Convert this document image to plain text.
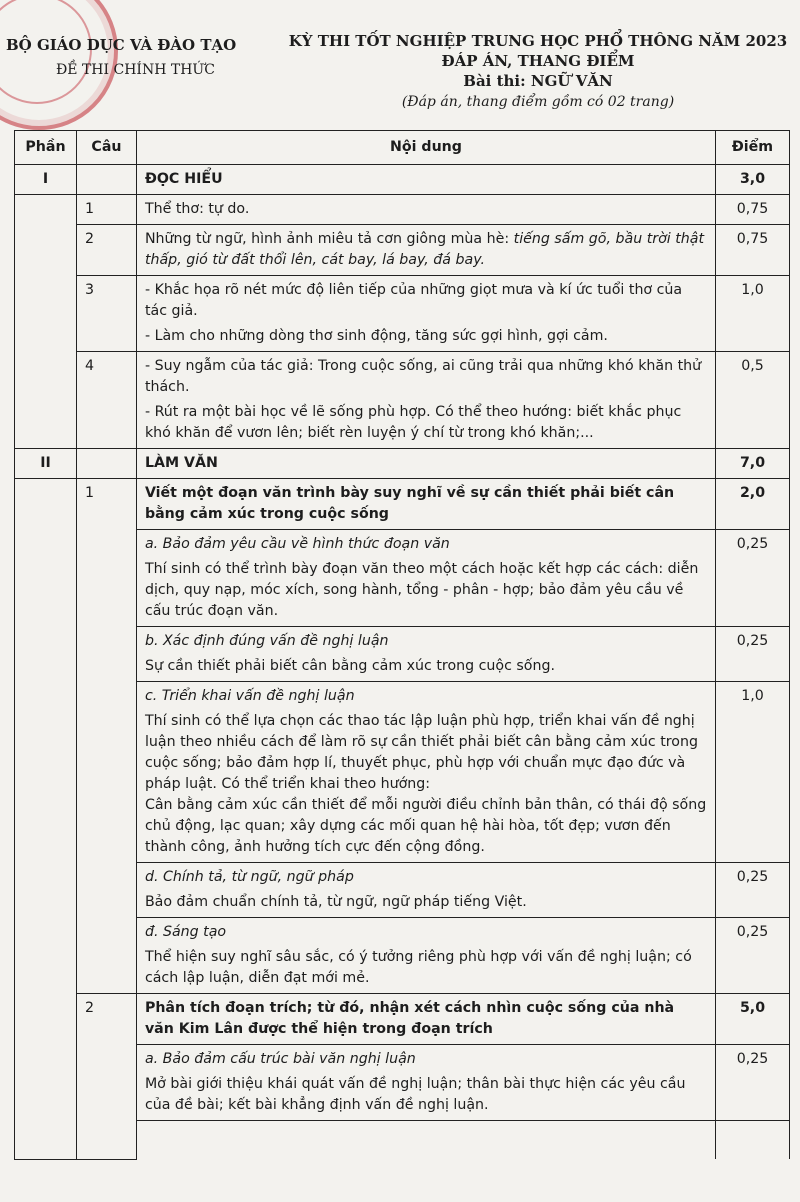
BỘ GIÁO DỤC VÀ ĐÀO TẠO
ĐỀ THI CHÍNH THỨC
KỲ THI TỐT NGHIỆP TRUNG HỌC PHỔ THÔNG NĂM 2023
ĐÁP ÁN, THANG ĐIỂM
Bài thi: NGỮ VĂN
(Đáp án, thang điểm gồm có 02 trang)
Phần	Câu	Nội dung	Điểm
I		ĐỌC HIỂU	3,0
	1	Thể thơ: tự do.	0,75
	2	Những từ ngữ, hình ảnh miêu tả cơn giông mùa hè: tiếng sấm gõ, bầu trời thật thấp, gió từ đất thổi lên, cát bay, lá bay, đá bay.	0,75
	3	- Khắc họa rõ nét mức độ liên tiếp của những giọt mưa và kí ức tuổi thơ của tác giả.
- Làm cho những dòng thơ sinh động, tăng sức gợi hình, gợi cảm.	1,0
	4	- Suy ngẫm của tác giả: Trong cuộc sống, ai cũng trải qua những khó khăn thử thách.
- Rút ra một bài học về lẽ sống phù hợp. Có thể theo hướng: biết khắc phục khó khăn để vươn lên; biết rèn luyện ý chí từ trong khó khăn;...	0,5
II		LÀM VĂN	7,0
	1	Viết một đoạn văn trình bày suy nghĩ về sự cần thiết phải biết cân bằng cảm xúc trong cuộc sống	2,0

		a. Bảo đảm yêu cầu về hình thức đoạn văn
Thí sinh có thể trình bày đoạn văn theo một cách hoặc kết hợp các cách: diễn dịch, quy nạp, móc xích, song hành, tổng - phân - hợp; bảo đảm yêu cầu về cấu trúc đoạn văn.	0,25

		b. Xác định đúng vấn đề nghị luận
Sự cần thiết phải biết cân bằng cảm xúc trong cuộc sống.	0,25

		c. Triển khai vấn đề nghị luận
Thí sinh có thể lựa chọn các thao tác lập luận phù hợp, triển khai vấn đề nghị luận theo nhiều cách để làm rõ sự cần thiết phải biết cân bằng cảm xúc trong cuộc sống; bảo đảm hợp lí, thuyết phục, phù hợp với chuẩn mực đạo đức và pháp luật. Có thể triển khai theo hướng:
Cân bằng cảm xúc cần thiết để mỗi người điều chỉnh bản thân, có thái độ sống chủ động, lạc quan; xây dựng các mối quan hệ hài hòa, tốt đẹp; vươn đến thành công, ảnh hưởng tích cực đến cộng đồng.	1,0

		d. Chính tả, từ ngữ, ngữ pháp
Bảo đảm chuẩn chính tả, từ ngữ, ngữ pháp tiếng Việt.	0,25

		đ. Sáng tạo
Thể hiện suy nghĩ sâu sắc, có ý tưởng riêng phù hợp với vấn đề nghị luận; có cách lập luận, diễn đạt mới mẻ.	0,25
	2	Phân tích đoạn trích; từ đó, nhận xét cách nhìn cuộc sống của nhà văn Kim Lân được thể hiện trong đoạn trích	5,0

		a. Bảo đảm cấu trúc bài văn nghị luận
Mở bài giới thiệu khái quát vấn đề nghị luận; thân bài thực hiện các yêu cầu của đề bài; kết bài khẳng định vấn đề nghị luận.	0,25
